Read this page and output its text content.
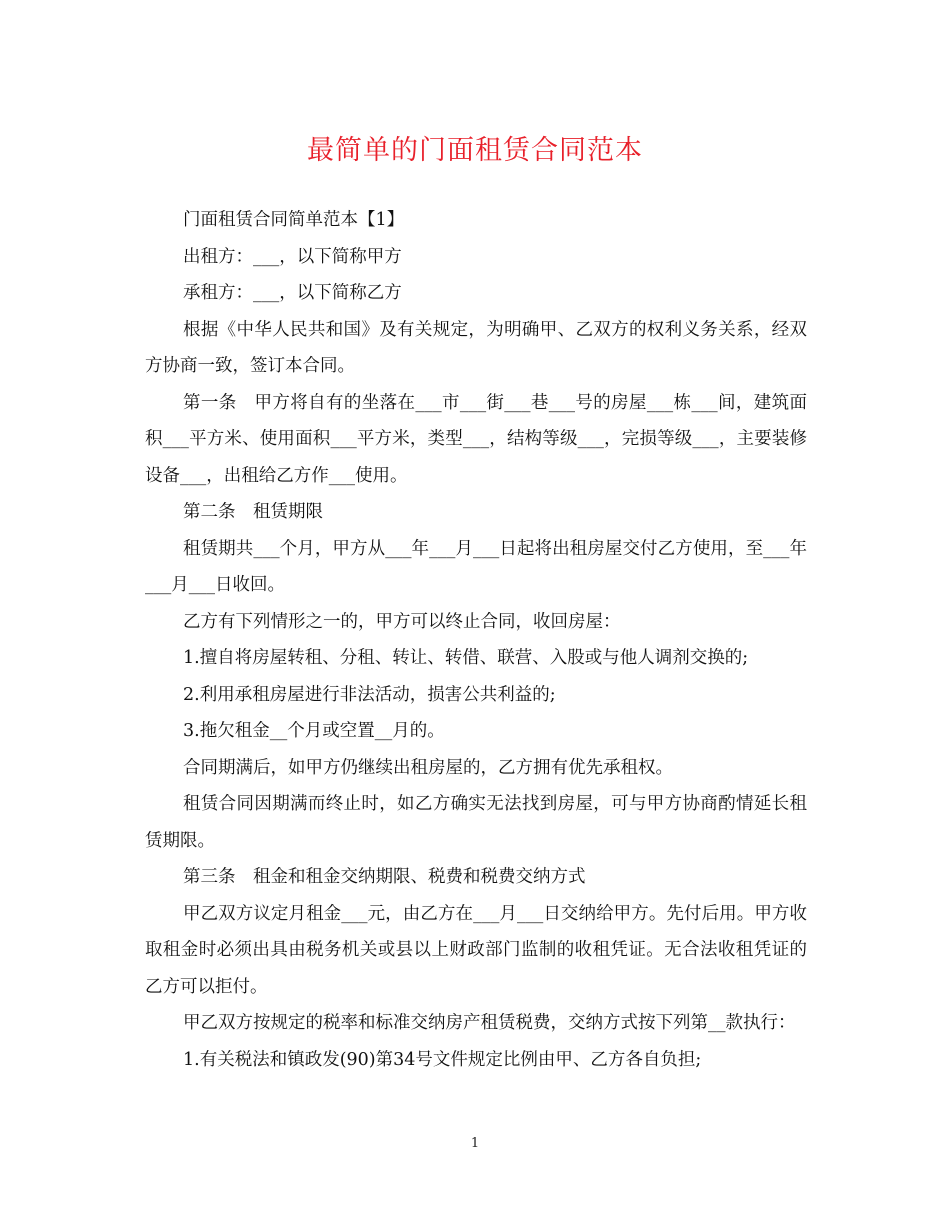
最简单的门面租赁合同范本

门面租赁合同简单范本【1】

出租方：___，以下简称甲方

承租方：___，以下简称乙方

根据《中华人民共和国》及有关规定，为明确甲、乙双方的权利义务关系，经双方协商一致，签订本合同。

第一条　甲方将自有的坐落在___市___街___巷___号的房屋___栋___间，建筑面积___平方米、使用面积___平方米，类型___，结构等级___，完损等级___，主要装修设备___，出租给乙方作___使用。

第二条　租赁期限

租赁期共___个月，甲方从___年___月___日起将出租房屋交付乙方使用，至___年___月___日收回。

乙方有下列情形之一的，甲方可以终止合同，收回房屋：

1.擅自将房屋转租、分租、转让、转借、联营、入股或与他人调剂交换的;

2.利用承租房屋进行非法活动，损害公共利益的;

3.拖欠租金__个月或空置__月的。

合同期满后，如甲方仍继续出租房屋的，乙方拥有优先承租权。

租赁合同因期满而终止时，如乙方确实无法找到房屋，可与甲方协商酌情延长租赁期限。

第三条　租金和租金交纳期限、税费和税费交纳方式

甲乙双方议定月租金___元，由乙方在___月___日交纳给甲方。先付后用。甲方收取租金时必须出具由税务机关或县以上财政部门监制的收租凭证。无合法收租凭证的乙方可以拒付。

甲乙双方按规定的税率和标准交纳房产租赁税费，交纳方式按下列第__款执行：

1.有关税法和镇政发(90)第34号文件规定比例由甲、乙方各自负担;

1
